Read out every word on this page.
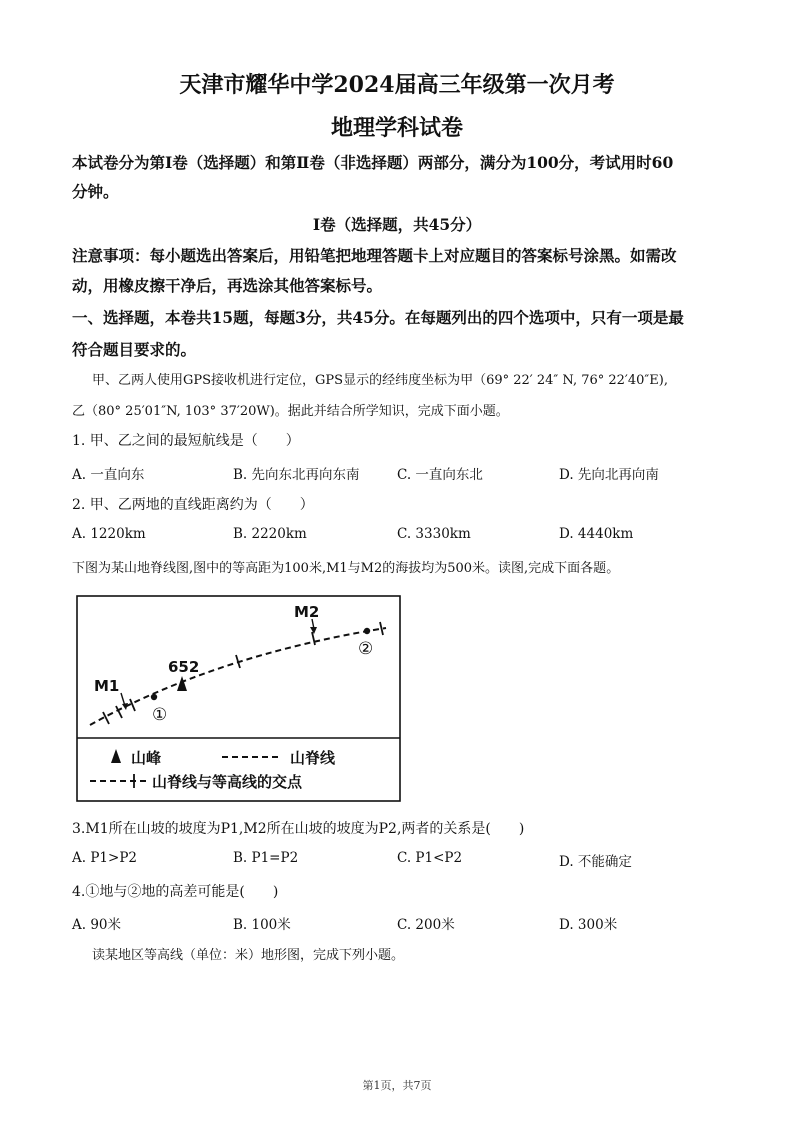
天津市耀华中学2024届高三年级第一次月考
地理学科试卷
本试卷分为第Ⅰ卷（选择题）和第Ⅱ卷（非选择题）两部分，满分为100分，考试用时60
分钟。
Ⅰ卷（选择题，共45分）
注意事项：每小题选出答案后，用铅笔把地理答题卡上对应题目的答案标号涂黑。如需改
动，用橡皮擦干净后，再选涂其他答案标号。
一、选择题，本卷共15题，每题3分，共45分。在每题列出的四个选项中，只有一项是最
符合题目要求的。
甲、乙两人使用GPS接收机进行定位，GPS显示的经纬度坐标为甲（69° 22′ 24″ N, 76° 22′40″E),
乙（80° 25′01″N, 103° 37′20W)。据此并结合所学知识，完成下面小题。
1. 甲、乙之间的最短航线是（　　）
A. 一直向东	B. 先向东北再向东南	C. 一直向东北	D. 先向北再向南
2. 甲、乙两地的直线距离约为（　　）
A. 1220km	B. 2220km	C. 3330km	D. 4440km
下图为某山地脊线图,图中的等高距为100米,M1与M2的海拔均为500米。读图,完成下面各题。
M1
M2
652
①
②
山峰	山脊线
山脊线与等高线的交点
3.M1所在山坡的坡度为P1,M2所在山坡的坡度为P2,两者的关系是(　　)
A. P1>P2	B. P1=P2	C. P1<P2	D. 不能确定
4.①地与②地的高差可能是(　　)
A. 90米	B. 100米	C. 200米	D. 300米
读某地区等高线（单位：米）地形图，完成下列小题。
第1页，共7页
